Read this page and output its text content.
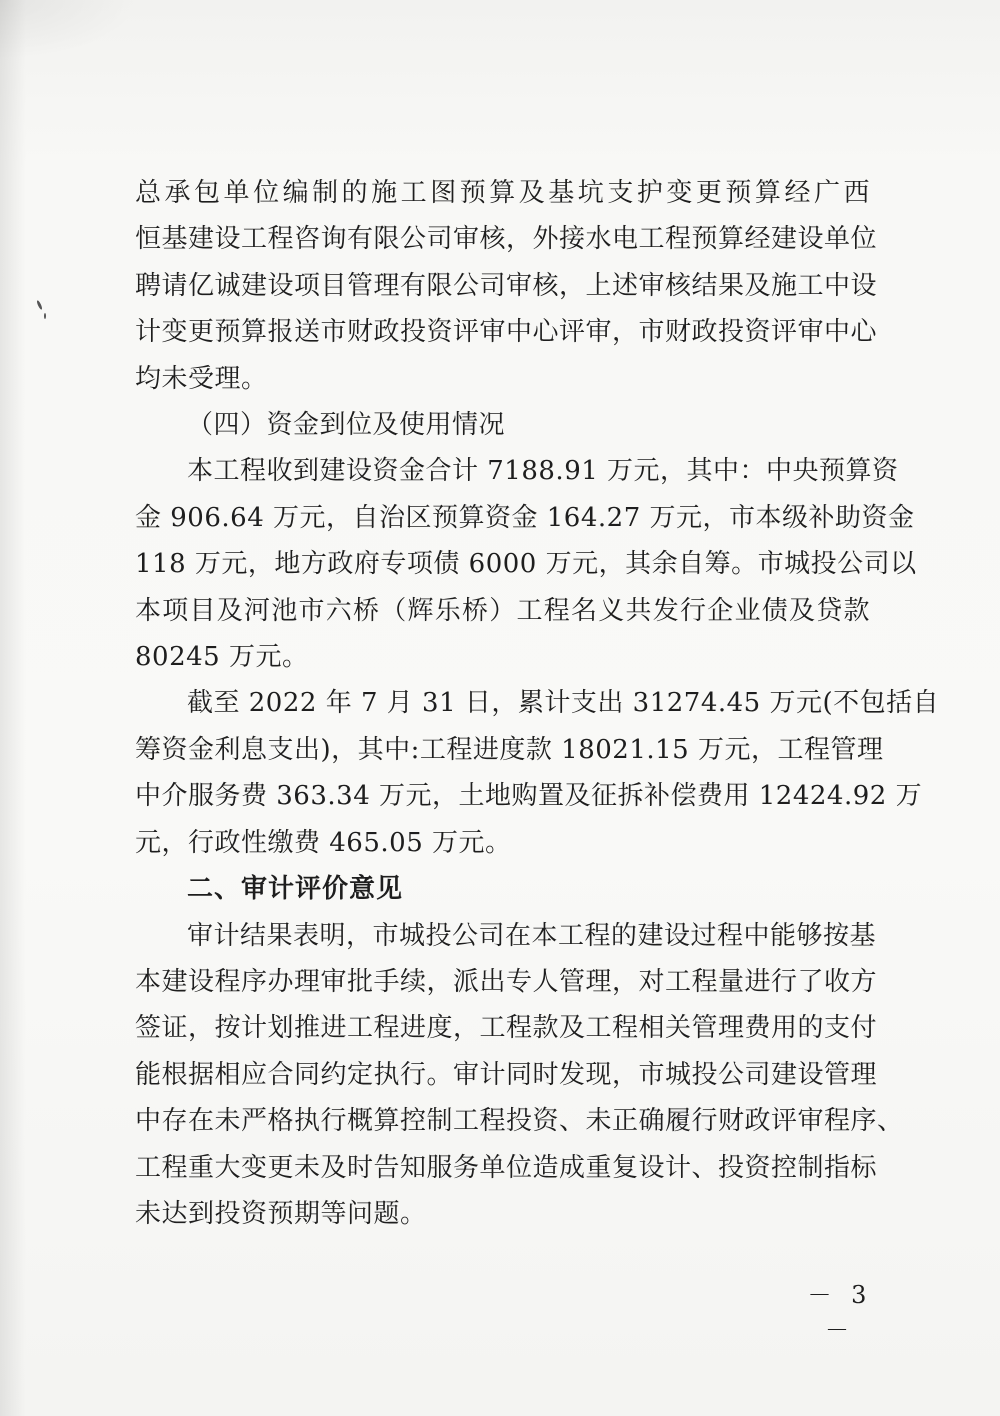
总承包单位编制的施工图预算及基坑支护变更预算经广西
恒基建设工程咨询有限公司审核，外接水电工程预算经建设单位
聘请亿诚建设项目管理有限公司审核，上述审核结果及施工中设
计变更预算报送市财政投资评审中心评审，市财政投资评审中心
均未受理。

（四）资金到位及使用情况

本工程收到建设资金合计 7188.91 万元，其中：中央预算资
金 906.64 万元，自治区预算资金 164.27 万元，市本级补助资金
118 万元，地方政府专项债 6000 万元，其余自筹。市城投公司以
本项目及河池市六桥（辉乐桥）工程名义共发行企业债及贷款
80245 万元。

截至 2022 年 7 月 31 日，累计支出 31274.45 万元(不包括自
筹资金利息支出)，其中:工程进度款 18021.15 万元，工程管理
中介服务费 363.34 万元，土地购置及征拆补偿费用 12424.92 万
元，行政性缴费 465.05 万元。

二、审计评价意见

审计结果表明，市城投公司在本工程的建设过程中能够按基
本建设程序办理审批手续，派出专人管理，对工程量进行了收方
签证，按计划推进工程进度，工程款及工程相关管理费用的支付
能根据相应合同约定执行。审计同时发现，市城投公司建设管理
中存在未严格执行概算控制工程投资、未正确履行财政评审程序、
工程重大变更未及时告知服务单位造成重复设计、投资控制指标
未达到投资预期等问题。

－ 3 －
